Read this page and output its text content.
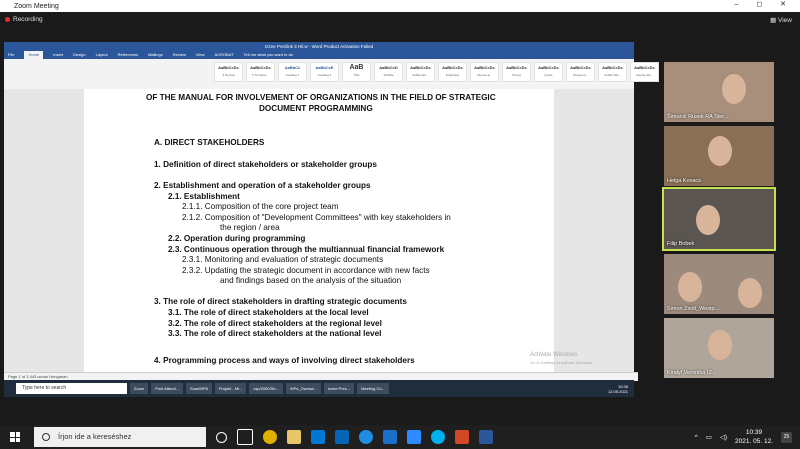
Zoom Meeting	– ◻ ✕
Recording	▦ View
Izzee Prezlink 3 Hil.w - Word Product Activation Failed
File	Home	Insert	Design	Layout	References	Mailings	Review	View	ACROBAT	Tell me what you want to do
AaBbCcDc
¶ Normal
AaBbCcDc
¶ No Spac...
AaBbCc
Heading 1
AaBbCcE
Heading 2
AaB
Title
AaBbCcD
Subtitle
AaBbCcDc
Subtle Em...
AaBbCcDc
Emphasis
AaBbCcDc
Intense E...
AaBbCcDc
Strong
AaBbCcDc
Quote
AaBbCcDc
Intense Q...
AaBbCcDc
Subtle Ref...
AaBbCcDc
Intense Re...
OF THE MANUAL FOR INVOLVEMENT OF ORGANIZATIONS IN THE FIELD OF STRATEGIC
DOCUMENT PROGRAMMING
A. DIRECT STAKEHOLDERS
1. Definition of direct stakeholders or stakeholder groups
2. Establishment and operation of a stakeholder groups
2.1. Establishment
2.1.1. Composition of the core project team
2.1.2. Composition of "Development Committees" with key stakeholders in
the region / area
2.2. Operation during programming
2.3. Continuous operation through the multiannual financial framework
2.3.1. Monitoring and evaluation of strategic documents
2.3.2. Updating the strategic document in accordance with new facts
and findings based on the analysis of the situation
3. The role of direct stakeholders in drafting strategic documents
3.1. The role of direct stakeholders at the local level
3.2. The role of direct stakeholders at the regional level
3.3. The role of direct stakeholders at the national level
4. Programming process and ways of involving direct stakeholders
Activate Windows
Go to Settings to activate Windows.
Page 1 of 3 443 words Hungarian
Type here to search	Zoom	Post Attend...	ScanWP8	Projekt - Mi...	csp/2000/Se...	WPs_Ownsw...	Izzee Pres...	Meeting Co...	10:38
12.05.2021
Šimunić Rusek RA Ster...
Helga Kovacs
Filip Bobek
Simon Zsolt_Westp...
Kiraly/ Veronika (Z...
Írjon ide a kereséshez	^ ▭ ◁)
10:39
2021. 05. 12.
25
